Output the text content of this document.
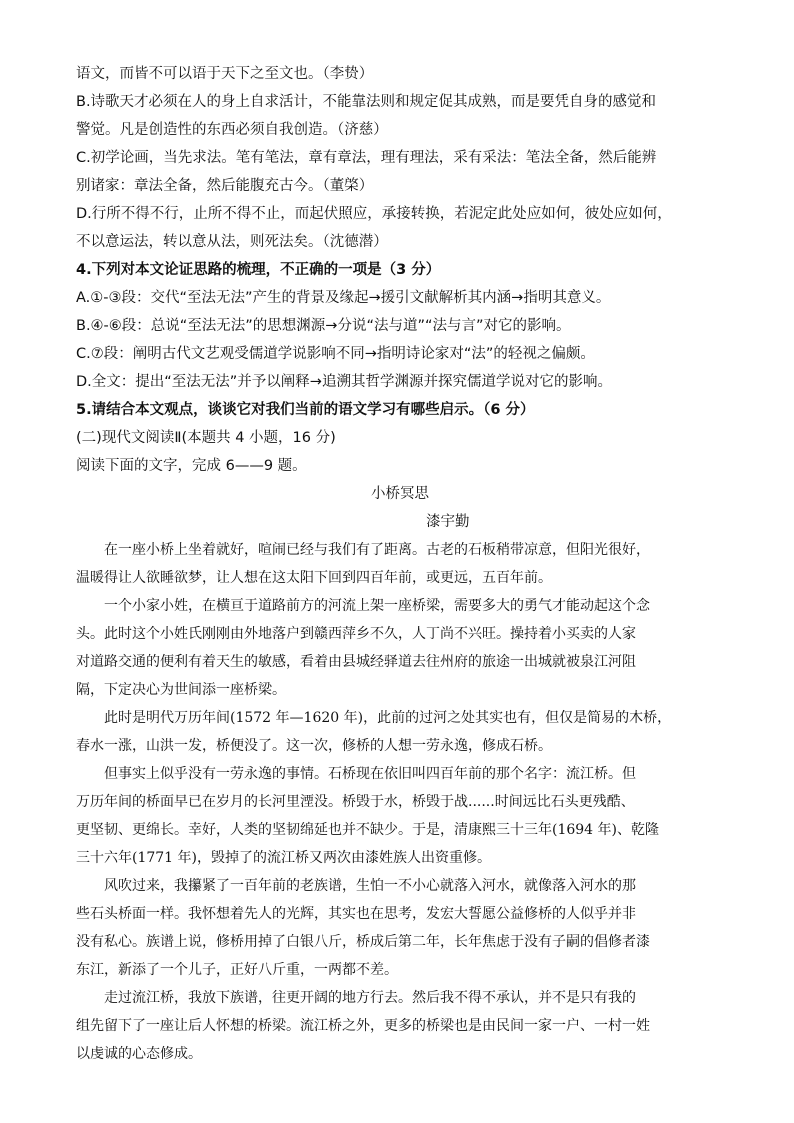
语文，而皆不可以语于天下之至文也。（李贽）
B.诗歌天才必须在人的身上自求活计，不能靠法则和规定促其成熟，而是要凭自身的感觉和
警觉。凡是创造性的东西必须自我创造。（济慈）
C.初学论画，当先求法。笔有笔法，章有章法，理有理法，采有采法：笔法全备，然后能辨
别诸家：章法全备，然后能腹充古今。（董棨）
D.行所不得不行，止所不得不止，而起伏照应，承接转换，若泥定此处应如何，彼处应如何，
不以意运法，转以意从法，则死法矣。（沈德潜）
4.下列对本文论证思路的梳理，不正确的一项是（3 分）
A.①-③段：交代“至法无法”产生的背景及缘起→援引文献解析其内涵→指明其意义。
B.④-⑥段：总说“至法无法”的思想渊源→分说“法与道”“法与言”对它的影响。
C.⑦段：阐明古代文艺观受儒道学说影响不同→指明诗论家对“法”的轻视之偏颇。
D.全文：提出“至法无法”并予以阐释→追溯其哲学渊源并探究儒道学说对它的影响。
5.请结合本文观点，谈谈它对我们当前的语文学习有哪些启示。（6 分）
(二)现代文阅读Ⅱ(本题共 4 小题，16 分)
阅读下面的文字，完成 6——9 题。
小桥冥思
漆宇勤
在一座小桥上坐着就好，喧闹已经与我们有了距离。古老的石板稍带凉意，但阳光很好，
温暖得让人欲睡欲梦，让人想在这太阳下回到四百年前，或更远，五百年前。
一个小家小姓，在横亘于道路前方的河流上架一座桥梁，需要多大的勇气才能动起这个念
头。此时这个小姓氏刚刚由外地落户到赣西萍乡不久，人丁尚不兴旺。操持着小买卖的人家
对道路交通的便利有着天生的敏感，看着由县城经驿道去往州府的旅途一出城就被泉江河阻
隔，下定决心为世间添一座桥梁。
此时是明代万历年间(1572 年—1620 年)，此前的过河之处其实也有，但仅是简易的木桥，
春水一涨，山洪一发，桥便没了。这一次，修桥的人想一劳永逸，修成石桥。
但事实上似乎没有一劳永逸的事情。石桥现在依旧叫四百年前的那个名字：流江桥。但
万历年间的桥面早已在岁月的长河里湮没。桥毁于水，桥毁于战......时间远比石头更残酷、
更坚韧、更绵长。幸好，人类的坚韧绵延也并不缺少。于是，清康熙三十三年(1694 年)、乾隆
三十六年(1771 年)，毁掉了的流江桥又两次由漆姓族人出资重修。
风吹过来，我攥紧了一百年前的老族谱，生怕一不小心就落入河水，就像落入河水的那
些石头桥面一样。我怀想着先人的光辉，其实也在思考，发宏大誓愿公益修桥的人似乎并非
没有私心。族谱上说，修桥用掉了白银八斤，桥成后第二年，长年焦虑于没有子嗣的倡修者漆
东江，新添了一个儿子，正好八斤重，一两都不差。
走过流江桥，我放下族谱，往更开阔的地方行去。然后我不得不承认，并不是只有我的
组先留下了一座让后人怀想的桥梁。流江桥之外，更多的桥梁也是由民间一家一户、一村一姓
以虔诚的心态修成。
